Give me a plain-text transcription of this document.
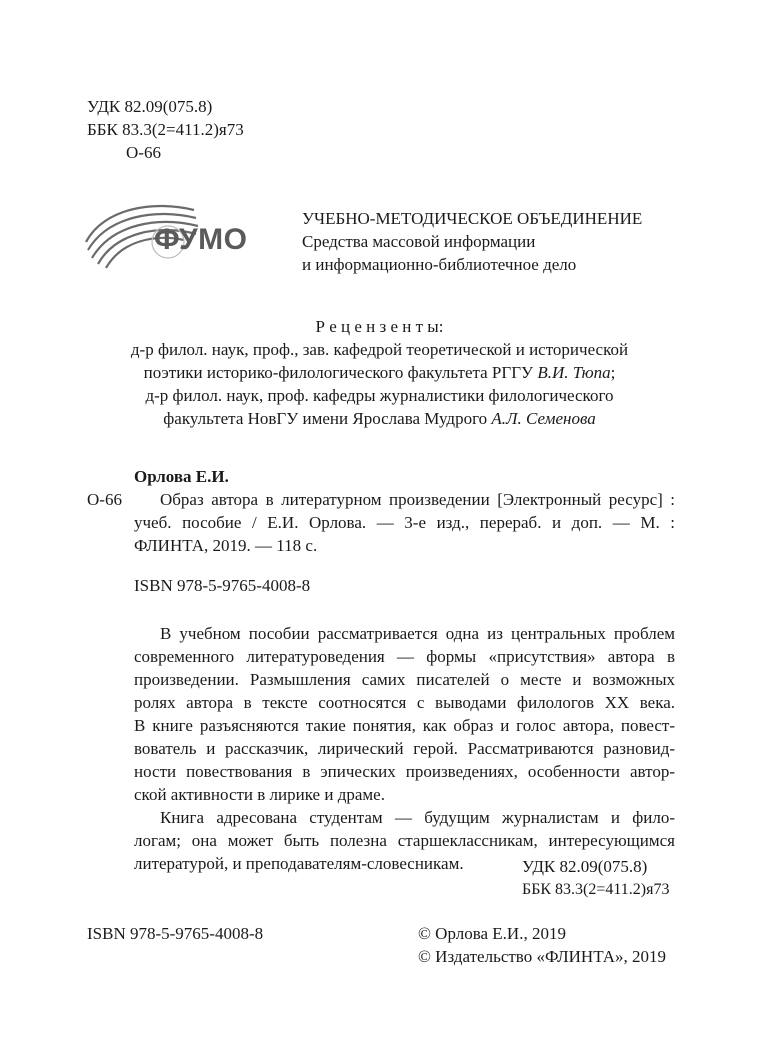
УДК 82.09(075.8)
ББК 83.3(2=411.2)я73
О-66
ФУМО
УЧЕБНО-МЕТОДИЧЕСКОЕ ОБЪЕДИНЕНИЕ
Средства массовой информации
и информационно-библиотечное дело
Р е ц е н з е н т ы:
д-р филол. наук, проф., зав. кафедрой теоретической и исторической
поэтики историко-филологического факультета РГГУ В.И. Тюпа;
д-р филол. наук, проф. кафедры журналистики филологического
факультета НовГУ имени Ярослава Мудрого А.Л. Семенова
Орлова Е.И.
О-66 Образ автора в литературном произведении [Электронный ресурс] :
учеб. пособие / Е.И. Орлова. — 3-е изд., перераб. и доп. — М. :
ФЛИНТА, 2019. — 118 с.
ISBN 978-5-9765-4008-8
В учебном пособии рассматривается одна из центральных проблем
современного литературоведения — формы «присутствия» автора в
произведении. Размышления самих писателей о месте и возможных
ролях автора в тексте соотносятся с выводами филологов XX века.
В книге разъясняются такие понятия, как образ и голос автора, повест-
вователь и рассказчик, лирический герой. Рассматриваются разновид-
ности повествования в эпических произведениях, особенности автор-
ской активности в лирике и драме.
Книга адресована студентам — будущим журналистам и фило-
логам; она может быть полезна старшеклассникам, интересующимся
литературой, и преподавателям-словесникам.	УДК 82.09(075.8)
ББК 83.3(2=411.2)я73
ISBN 978-5-9765-4008-8	© Орлова Е.И., 2019
© Издательство «ФЛИНТА», 2019
